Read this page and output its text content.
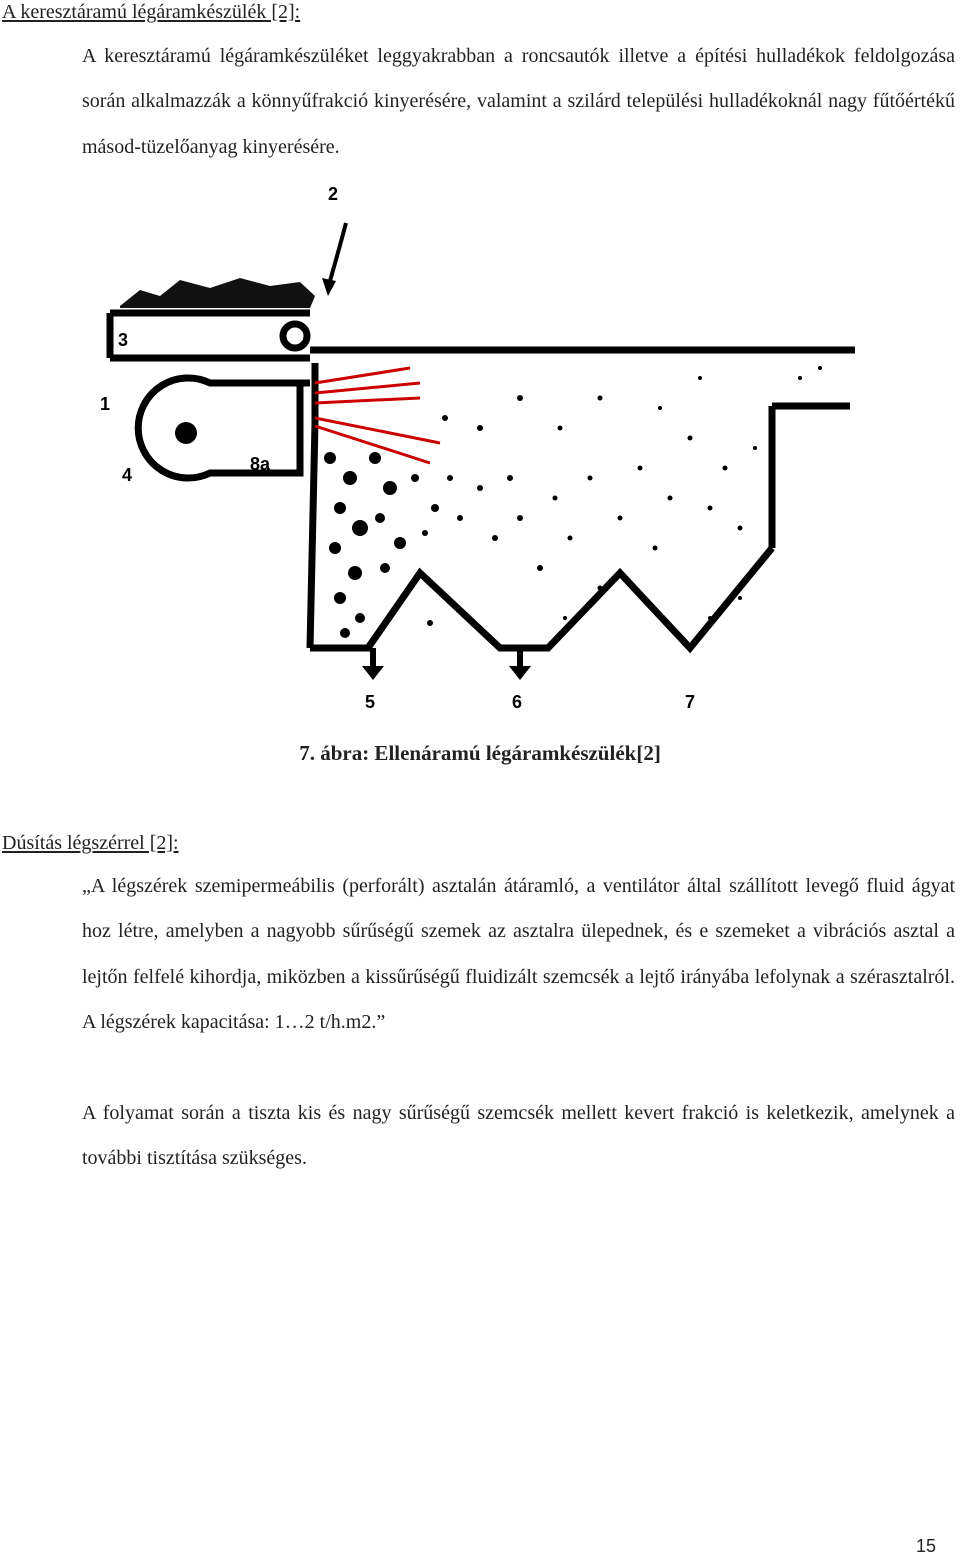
A keresztáramú légáramkészülék [2]:

A keresztáramú légáramkészüléket leggyakrabban a roncsautók illetve a építési hulladékok feldolgozása során alkalmazzák a könnyűfrakció kinyerésére, valamint a szilárd települési hulladékoknál nagy fűtőértékű másod-tüzelőanyag kinyerésére.

2
3
1
4
8a
5	6	7
7. ábra: Ellenáramú légáramkészülék[2]
Dúsítás légszérrel [2]:

„A légszérek szemipermeábilis (perforált) asztalán átáramló, a ventilátor által szállított levegő fluid ágyat hoz létre, amelyben a nagyobb sűrűségű szemek az asztalra ülepednek, és e szemeket a vibrációs asztal a lejtőn felfelé kihordja, miközben a kissűrűségű fluidizált szemcsék a lejtő irányába lefolynak a szérasztalról. A légszérek kapacitása: 1…2 t/h.m2.”

A folyamat során a tiszta kis és nagy sűrűségű szemcsék mellett kevert frakció is keletkezik, amelynek a további tisztítása szükséges.

15
